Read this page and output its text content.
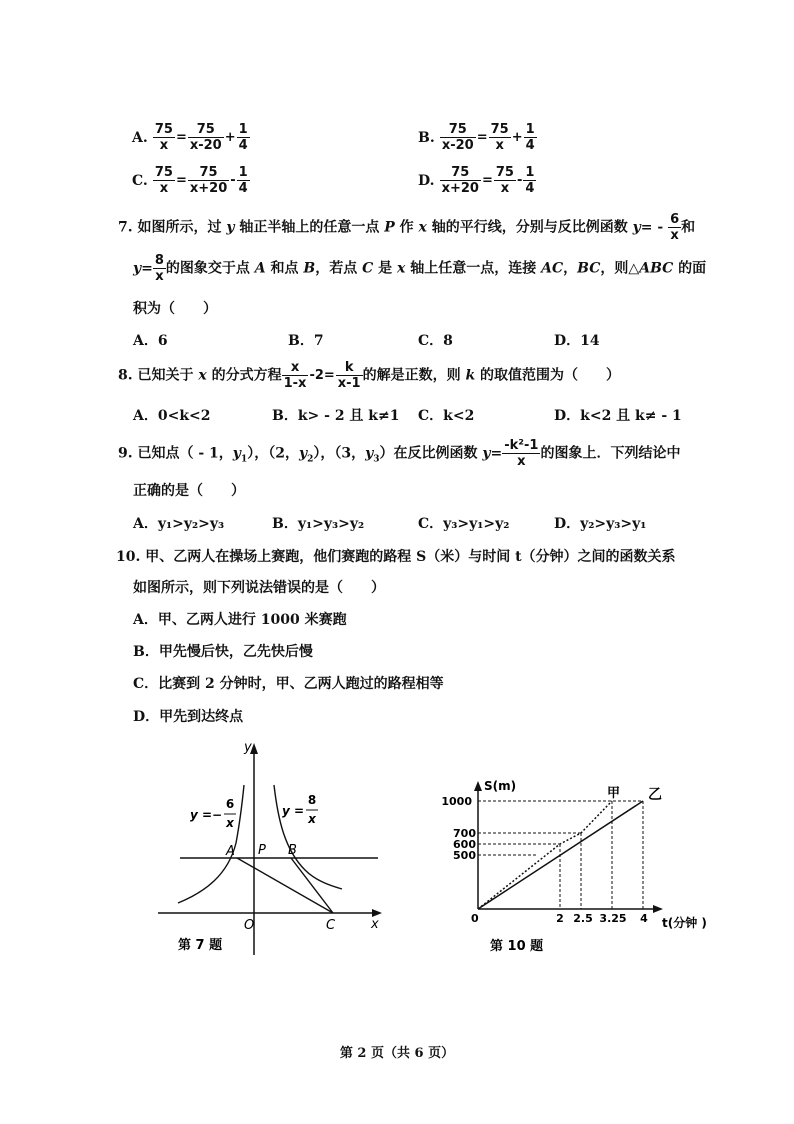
A. $\frac{75}{x} = \frac{75}{x-20} + \frac{1}{4}$	B. $\frac{75}{x-20} = \frac{75}{x} + \frac{1}{4}$
C. $\frac{75}{x} = \frac{75}{x+20} - \frac{1}{4}$	D. $\frac{75}{x+20} = \frac{75}{x} - \frac{1}{4}$
7. 如图所示，过 y 轴正半轴上的任意一点 P 作 x 轴的平行线，分别与反比例函数 $y= - \frac{6}{x}$ 和
$y= \frac{8}{x}$ 的图象交于点 A 和点 B，若点 C 是 x 轴上任意一点，连接 AC，BC，则△ABC 的面
积为（　　）
A．6	B．7	C．8	D．14
8. 已知关于 x 的分式方程 $\frac{x}{1-x} -2= \frac{k}{x-1}$ 的解是正数，则 k 的取值范围为（　　）
A．0<k<2	B．k> - 2 且 k≠1 C．k<2	D．k<2 且 k≠ - 1
9. 已知点（ - 1，$y_1$），（2，$y_2$），（3，$y_3$）在反比例函数 $y= \frac{\text{-k²-1}}{x}$ 的图象上．下列结论中
正确的是（　　）
A．y₁>y₂>y₃	B．y₁>y₃>y₂	C．y₃>y₁>y₂	D．y₂>y₃>y₁
10. 甲、乙两人在操场上赛跑，他们赛跑的路程 S（米）与时间 t（分钟）之间的函数关系
如图所示，则下列说法错误的是（　　）
A．甲、乙两人进行 1000 米赛跑
B．甲先慢后快，乙先快后慢
C．比赛到 2 分钟时，甲、乙两人跑过的路程相等
D．甲先到达终点
y
x
O
A P B
C
y = −
6
x
y =
8
x
第 7 题
S(m)
t(分钟 )
甲 乙
0
1000
700
600
500
2 2.5 3.25 4
第 10 题
第 2 页（共 6 页）
